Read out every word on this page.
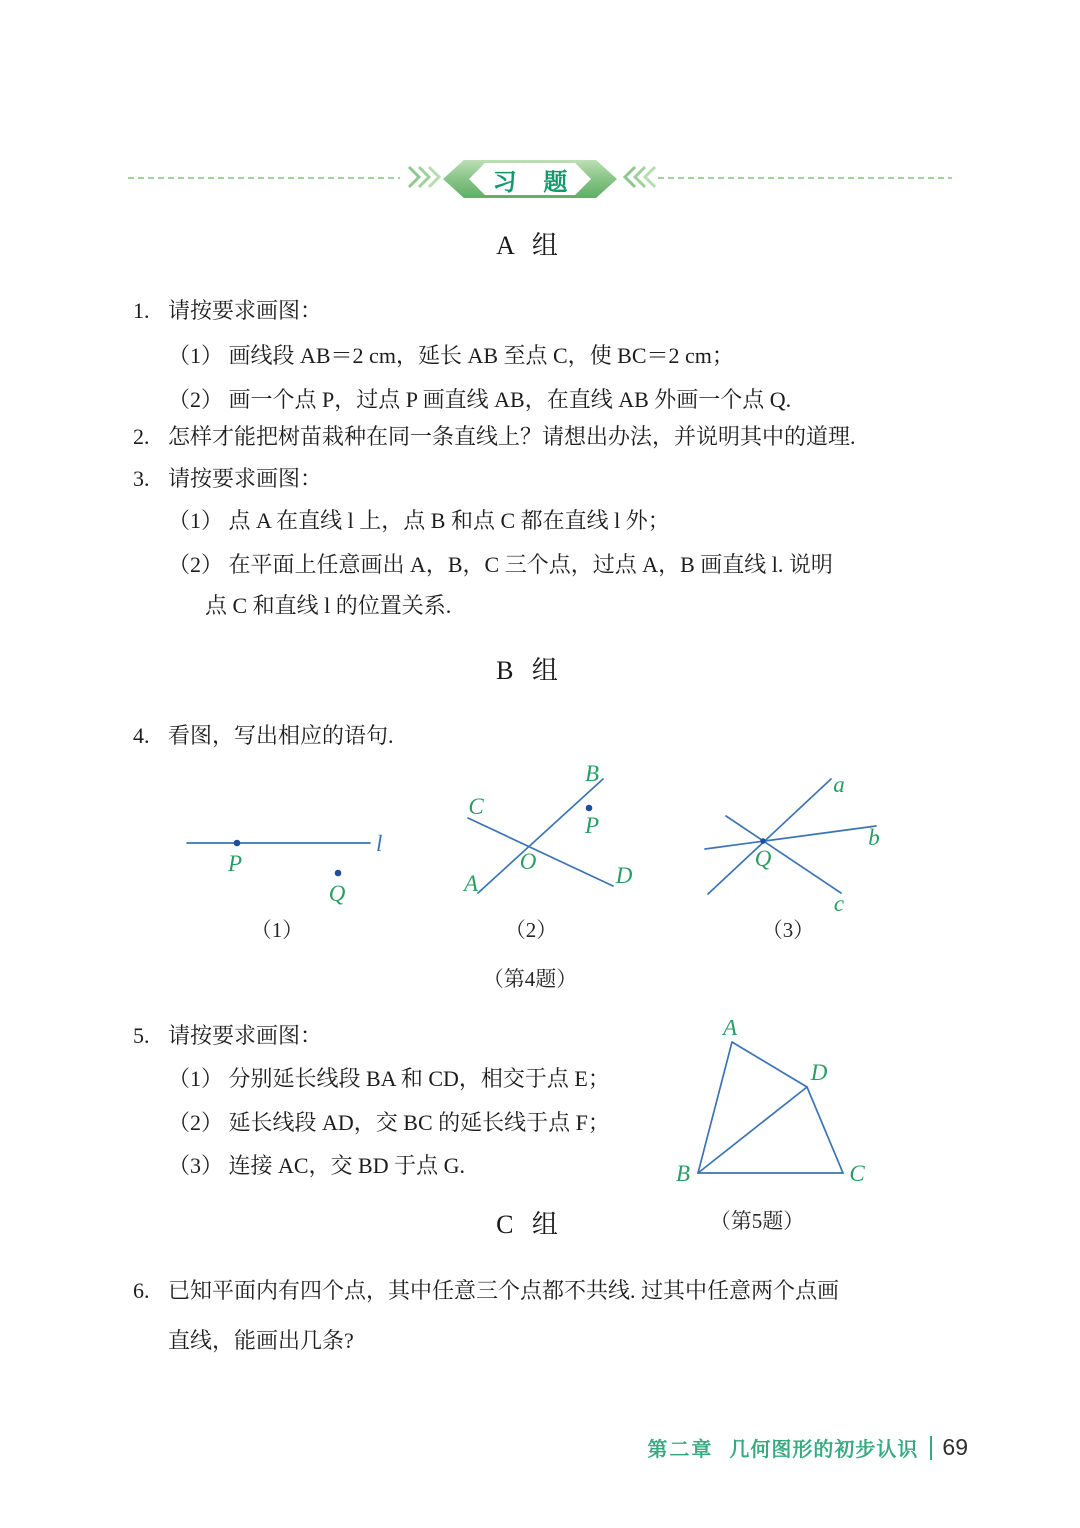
习 题
A 组
1. 请按要求画图：
（1） 画线段 AB＝2 cm，延长 AB 至点 C，使 BC＝2 cm；
（2） 画一个点 P，过点 P 画直线 AB，在直线 AB 外画一个点 Q.
2. 怎样才能把树苗栽种在同一条直线上？请想出办法，并说明其中的道理.
3. 请按要求画图：
（1） 点 A 在直线 l 上，点 B 和点 C 都在直线 l 外；
（2） 在平面上任意画出 A，B，C 三个点，过点 A，B 画直线 l. 说明
点 C 和直线 l 的位置关系.
B 组
4. 看图，写出相应的语句.
l
P
Q
（1）
B
C
A	D
O
P
（2）
a
b
c
Q
（3）
（第4题）
5. 请按要求画图：
（1） 分别延长线段 BA 和 CD，相交于点 E；
（2） 延长线段 AD，交 BC 的延长线于点 F；
（3） 连接 AC，交 BD 于点 G.
A
D
B	C
（第5题）
C 组
6. 已知平面内有四个点，其中任意三个点都不共线. 过其中任意两个点画
直线，能画出几条?
第二章 几何图形的初步认识 69
